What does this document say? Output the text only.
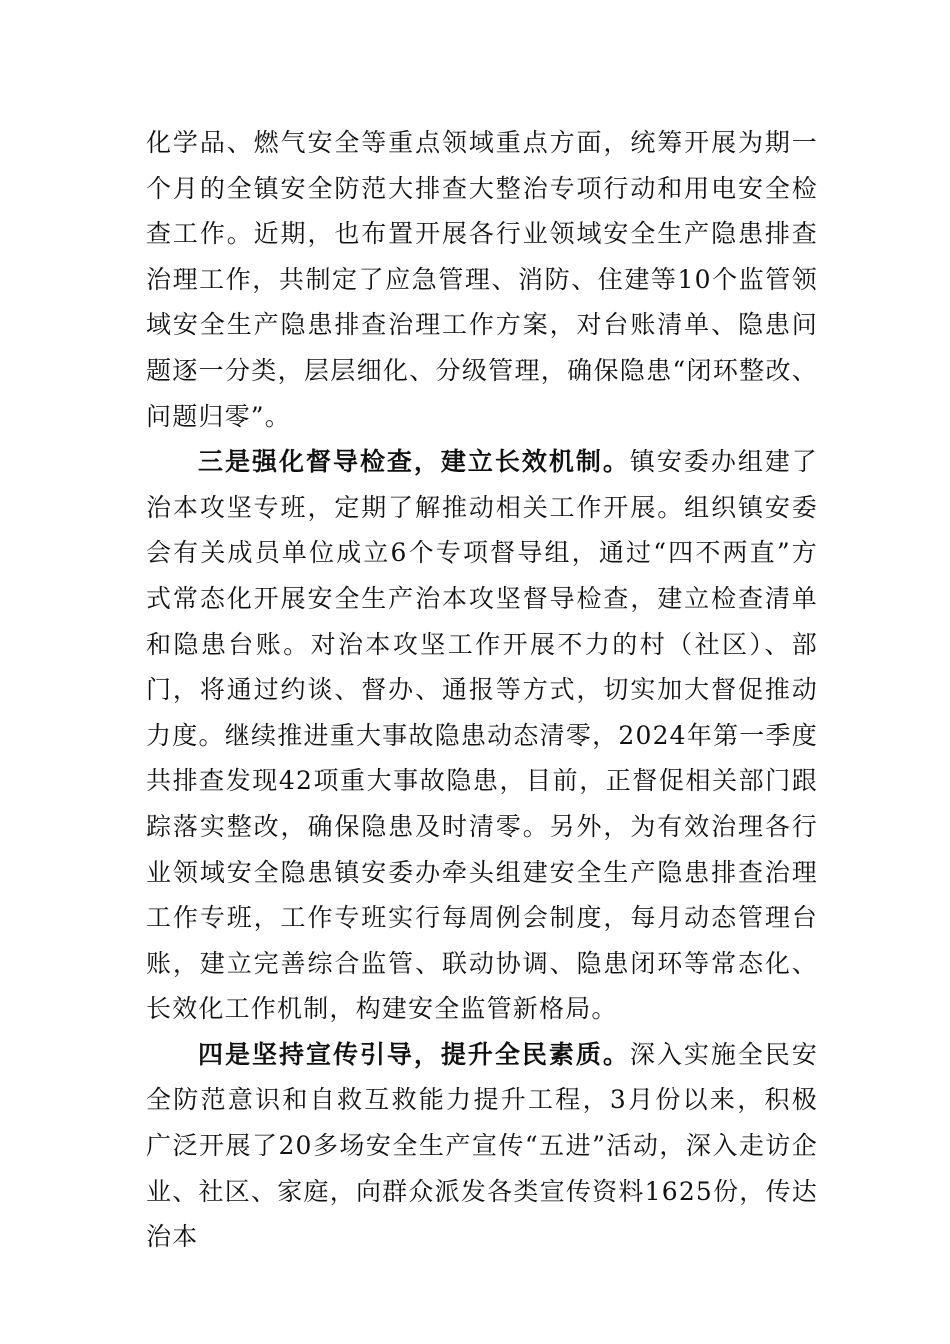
化学品、燃气安全等重点领域重点方面，统筹开展为期一个月的全镇安全防范大排查大整治专项行动和用电安全检查工作。近期，也布置开展各行业领域安全生产隐患排查治理工作，共制定了应急管理、消防、住建等10个监管领域安全生产隐患排查治理工作方案，对台账清单、隐患问题逐一分类，层层细化、分级管理，确保隐患“闭环整改、问题归零”。

三是强化督导检查，建立长效机制。镇安委办组建了治本攻坚专班，定期了解推动相关工作开展。组织镇安委会有关成员单位成立6个专项督导组，通过“四不两直”方式常态化开展安全生产治本攻坚督导检查，建立检查清单和隐患台账。对治本攻坚工作开展不力的村（社区）、部门，将通过约谈、督办、通报等方式，切实加大督促推动力度。继续推进重大事故隐患动态清零，2024年第一季度共排查发现42项重大事故隐患，目前，正督促相关部门跟踪落实整改，确保隐患及时清零。另外，为有效治理各行业领域安全隐患镇安委办牵头组建安全生产隐患排查治理工作专班，工作专班实行每周例会制度，每月动态管理台账，建立完善综合监管、联动协调、隐患闭环等常态化、长效化工作机制，构建安全监管新格局。

四是坚持宣传引导，提升全民素质。深入实施全民安全防范意识和自救互救能力提升工程，3月份以来，积极广泛开展了20多场安全生产宣传“五进”活动，深入走访企业、社区、家庭，向群众派发各类宣传资料1625份，传达治本
